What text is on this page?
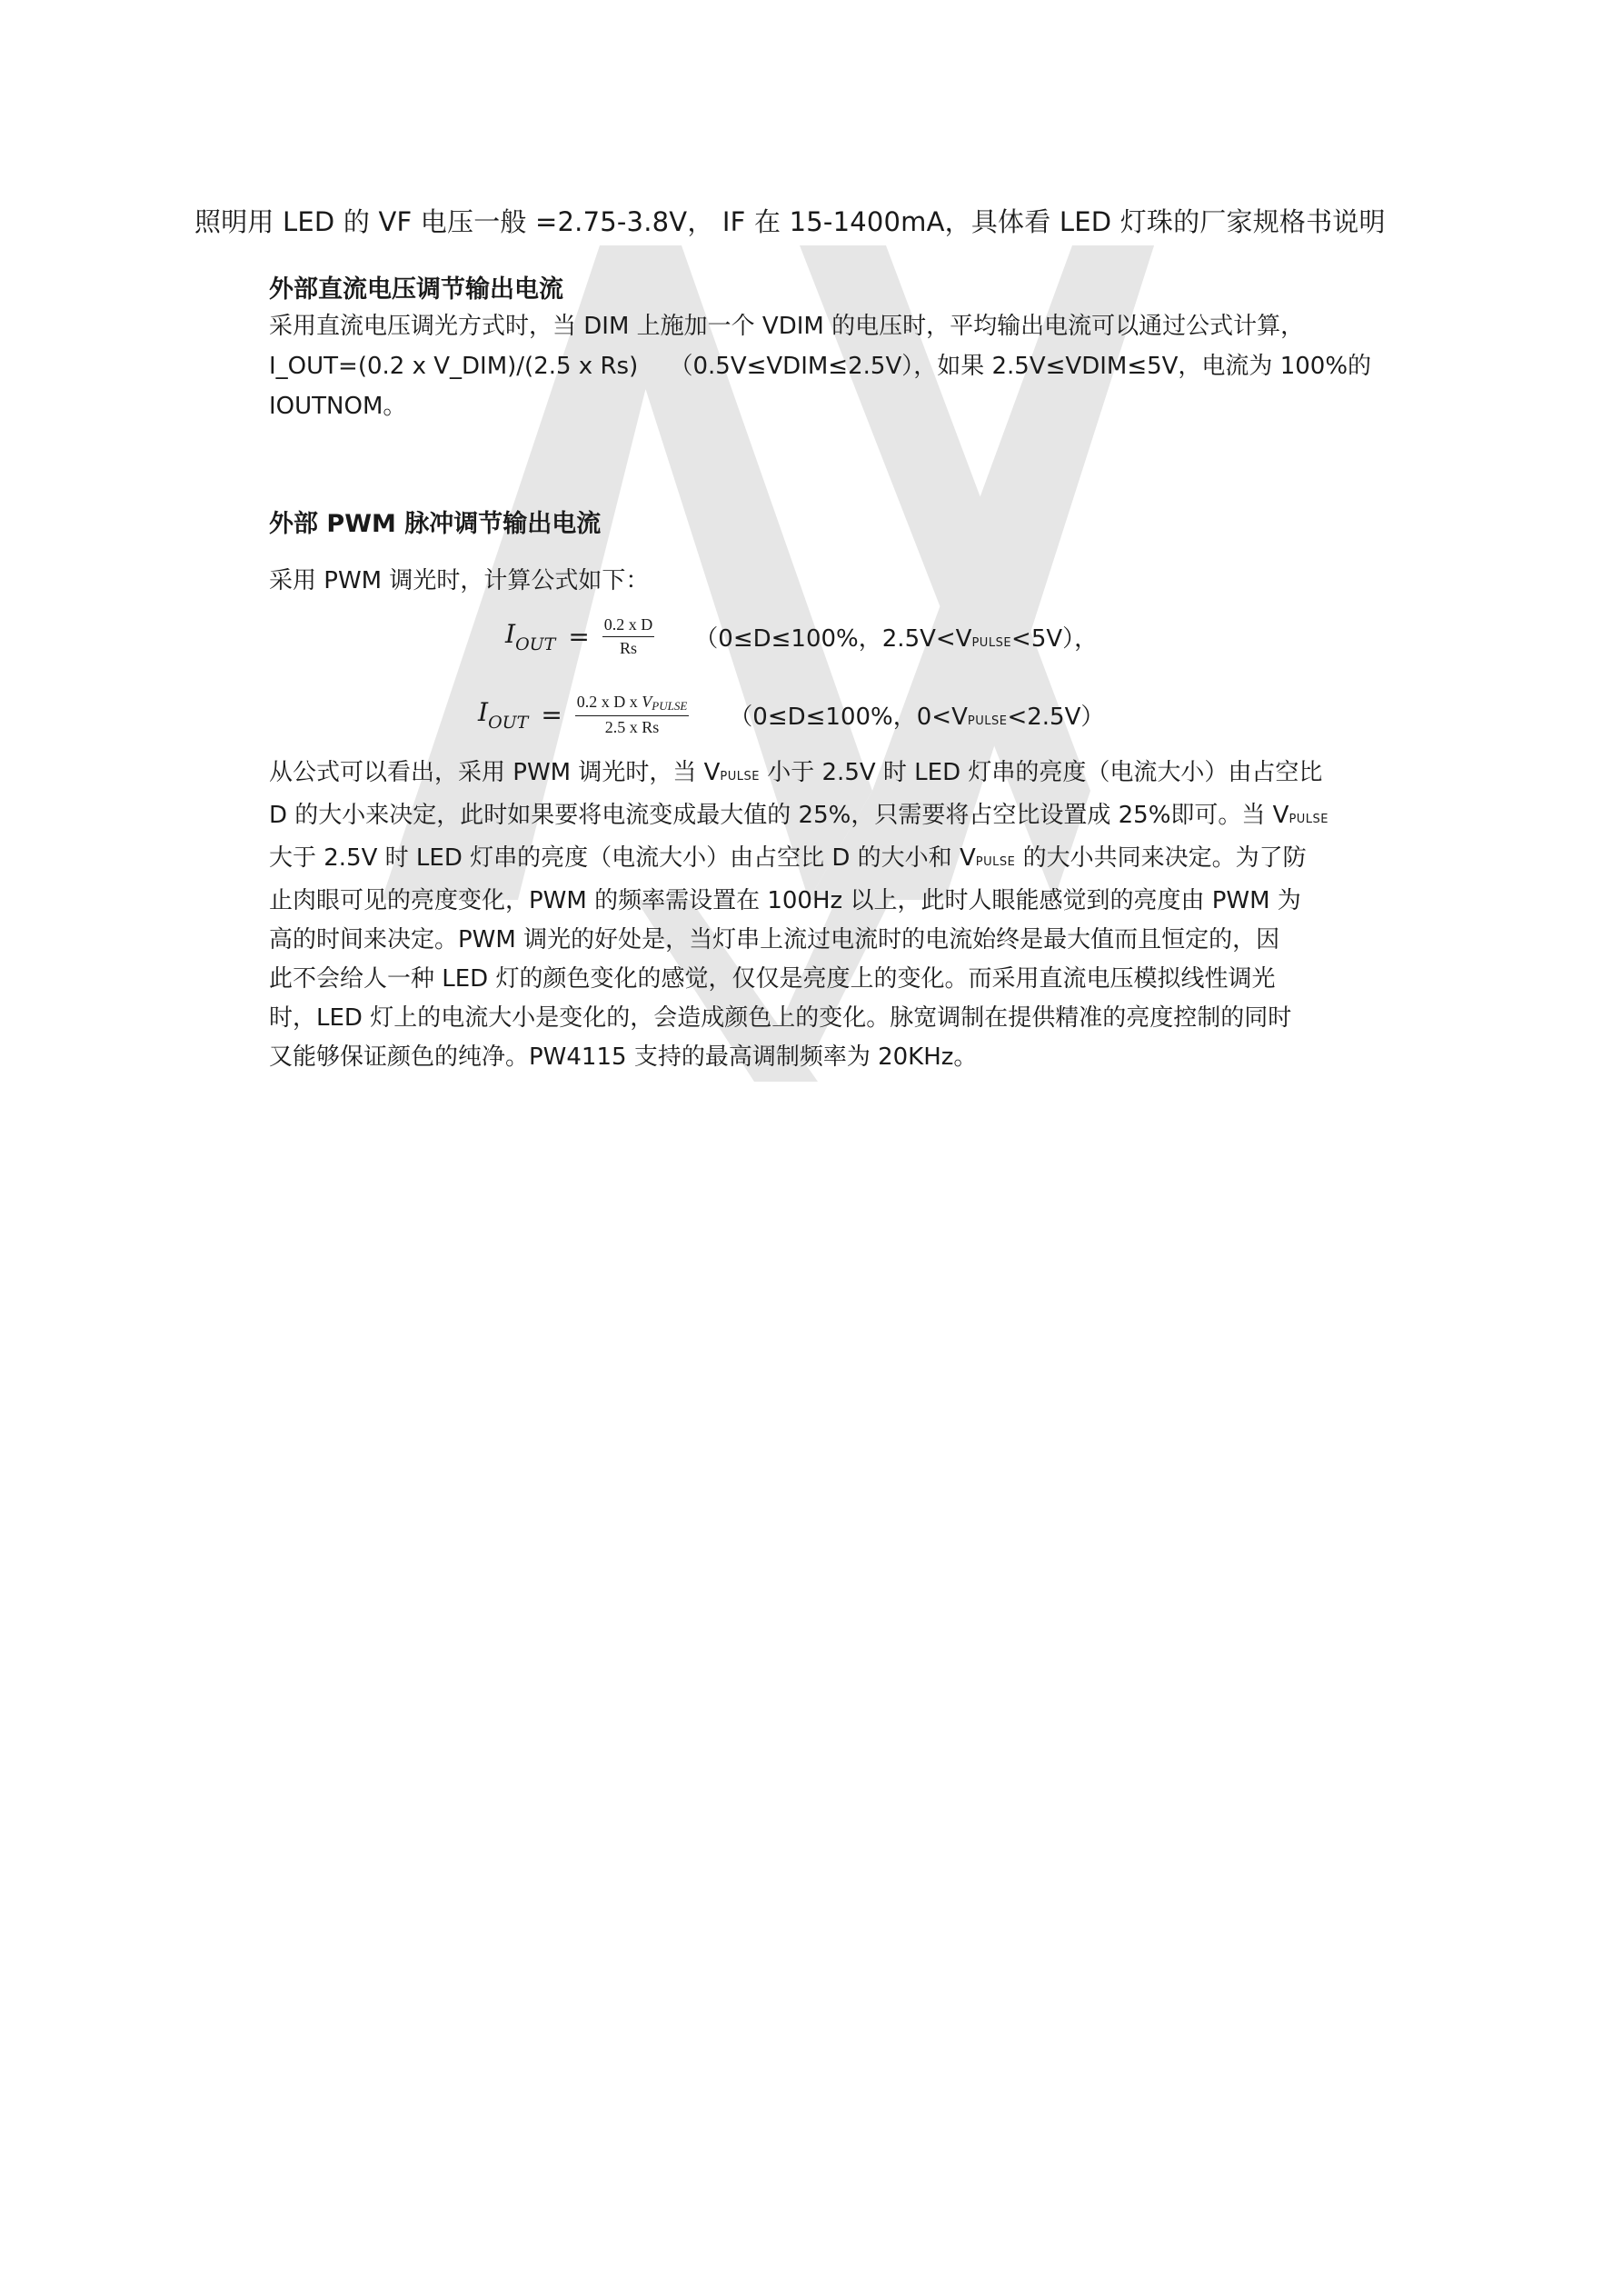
照明用 LED 的 VF 电压一般 =2.75-3.8V， IF 在 15-1400mA，具体看 LED 灯珠的厂家规格书说明
外部直流电压调节输出电流
采用直流电压调光方式时，当 DIM 上施加一个 VDIM 的电压时，平均输出电流可以通过公式计算，
I_OUT=(0.2 x V_DIM)/(2.5 x Rs)　 （0.5V≤VDIM≤2.5V），如果 2.5V≤VDIM≤5V，电流为 100%的
IOUTNOM。
外部 PWM 脉冲调节输出电流
采用 PWM 调光时，计算公式如下：
$I_{OUT} = \frac{\text{0.2 x D}}{Rs} (0\le D\le 100\%$，2.5V<VPULSE<5V），
$I_{OUT} = \frac{\text{0.2 x D x VPULSE}}{\text{2.5 x Rs}} (0\le D\le 100\%$，0<VPULSE<2.5V）
从公式可以看出，采用 PWM 调光时，当 VPULSE 小于 2.5V 时 LED 灯串的亮度（电流大小）由占空比
D 的大小来决定，此时如果要将电流变成最大值的 25%，只需要将占空比设置成 25%即可。当 VPULSE
大于 2.5V 时 LED 灯串的亮度（电流大小）由占空比 D 的大小和 VPULSE 的大小共同来决定。为了防
止肉眼可见的亮度变化，PWM 的频率需设置在 100Hz 以上，此时人眼能感觉到的亮度由 PWM 为
高的时间来决定。PWM 调光的好处是，当灯串上流过电流时的电流始终是最大值而且恒定的，因
此不会给人一种 LED 灯的颜色变化的感觉，仅仅是亮度上的变化。而采用直流电压模拟线性调光
时，LED 灯上的电流大小是变化的，会造成颜色上的变化。脉宽调制在提供精准的亮度控制的同时
又能够保证颜色的纯净。PW4115 支持的最高调制频率为 20KHz。
